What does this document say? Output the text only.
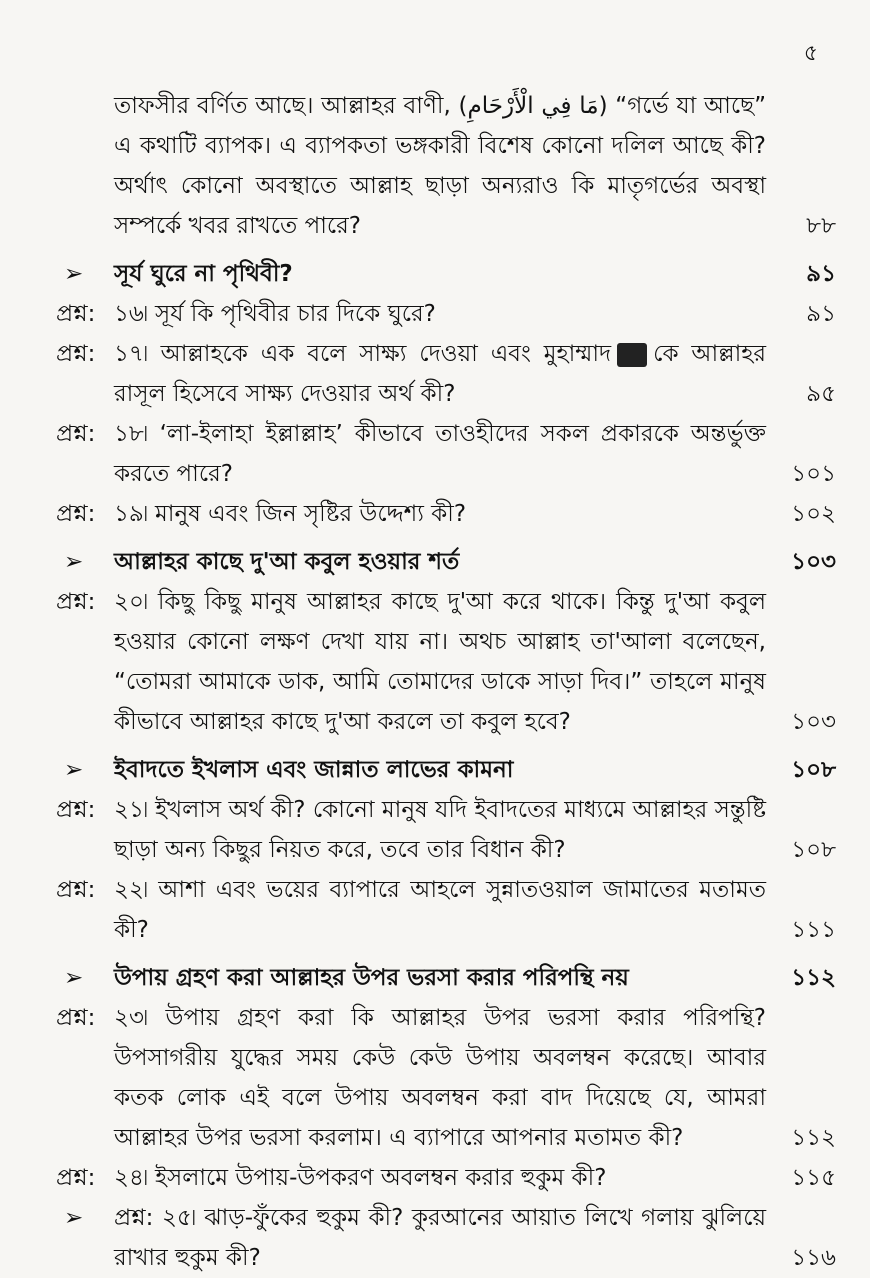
৫
তাফসীর বর্ণিত আছে। আল্লাহর বাণী, (مَا فِي الْأَرْحَامِ) “গর্ভে যা আছে” এ কথাটি ব্যাপক। এ ব্যাপকতা ভঙ্গকারী বিশেষ কোনো দলিল আছে কী? অর্থাৎ কোনো অবস্থাতে আল্লাহ ছাড়া অন্যরাও কি মাতৃগর্ভের অবস্থা সম্পর্কে খবর রাখতে পারে?	৮৮
➢ সূর্য ঘুরে না পৃথিবী?	৯১
প্রশ্ন: ১৬৷ সূর্য কি পৃথিবীর চার দিকে ঘুরে?	৯১
প্রশ্ন: ১৭৷ আল্লাহকে এক বলে সাক্ষ্য দেওয়া এবং মুহাম্মাদ কে আল্লাহর রাসূল হিসেবে সাক্ষ্য দেওয়ার অর্থ কী?	৯৫
প্রশ্ন: ১৮৷ ‘লা-ইলাহা ইল্লাল্লাহ’ কীভাবে তাওহীদের সকল প্রকারকে অন্তর্ভুক্ত করতে পারে?	১০১
প্রশ্ন: ১৯৷ মানুষ এবং জিন সৃষ্টির উদ্দেশ্য কী?	১০২
➢ আল্লাহর কাছে দু'আ কবুল হওয়ার শর্ত	১০৩
প্রশ্ন: ২০৷ কিছু কিছু মানুষ আল্লাহর কাছে দু'আ করে থাকে। কিন্তু দু'আ কবুল হওয়ার কোনো লক্ষণ দেখা যায় না। অথচ আল্লাহ তা'আলা বলেছেন, “তোমরা আমাকে ডাক, আমি তোমাদের ডাকে সাড়া দিব।” তাহলে মানুষ কীভাবে আল্লাহর কাছে দু'আ করলে তা কবুল হবে?	১০৩
➢ ইবাদতে ইখলাস এবং জান্নাত লাভের কামনা	১০৮
প্রশ্ন: ২১৷ ইখলাস অর্থ কী? কোনো মানুষ যদি ইবাদতের মাধ্যমে আল্লাহর সন্তুষ্টি ছাড়া অন্য কিছুর নিয়ত করে, তবে তার বিধান কী?	১০৮
প্রশ্ন: ২২৷ আশা এবং ভয়ের ব্যাপারে আহলে সুন্নাতওয়াল জামাতের মতামত কী?	১১১
➢ উপায় গ্রহণ করা আল্লাহর উপর ভরসা করার পরিপন্থি নয়	১১২
প্রশ্ন: ২৩৷ উপায় গ্রহণ করা কি আল্লাহর উপর ভরসা করার পরিপন্থি? উপসাগরীয় যুদ্ধের সময় কেউ কেউ উপায় অবলম্বন করেছে। আবার কতক লোক এই বলে উপায় অবলম্বন করা বাদ দিয়েছে যে, আমরা আল্লাহর উপর ভরসা করলাম। এ ব্যাপারে আপনার মতামত কী?	১১২
প্রশ্ন: ২৪৷ ইসলামে উপায়-উপকরণ অবলম্বন করার হুকুম কী?	১১৫
➢ প্রশ্ন: ২৫৷ ঝাড়-ফুঁকের হুকুম কী? কুরআনের আয়াত লিখে গলায় ঝুলিয়ে রাখার হুকুম কী?	১১৬
